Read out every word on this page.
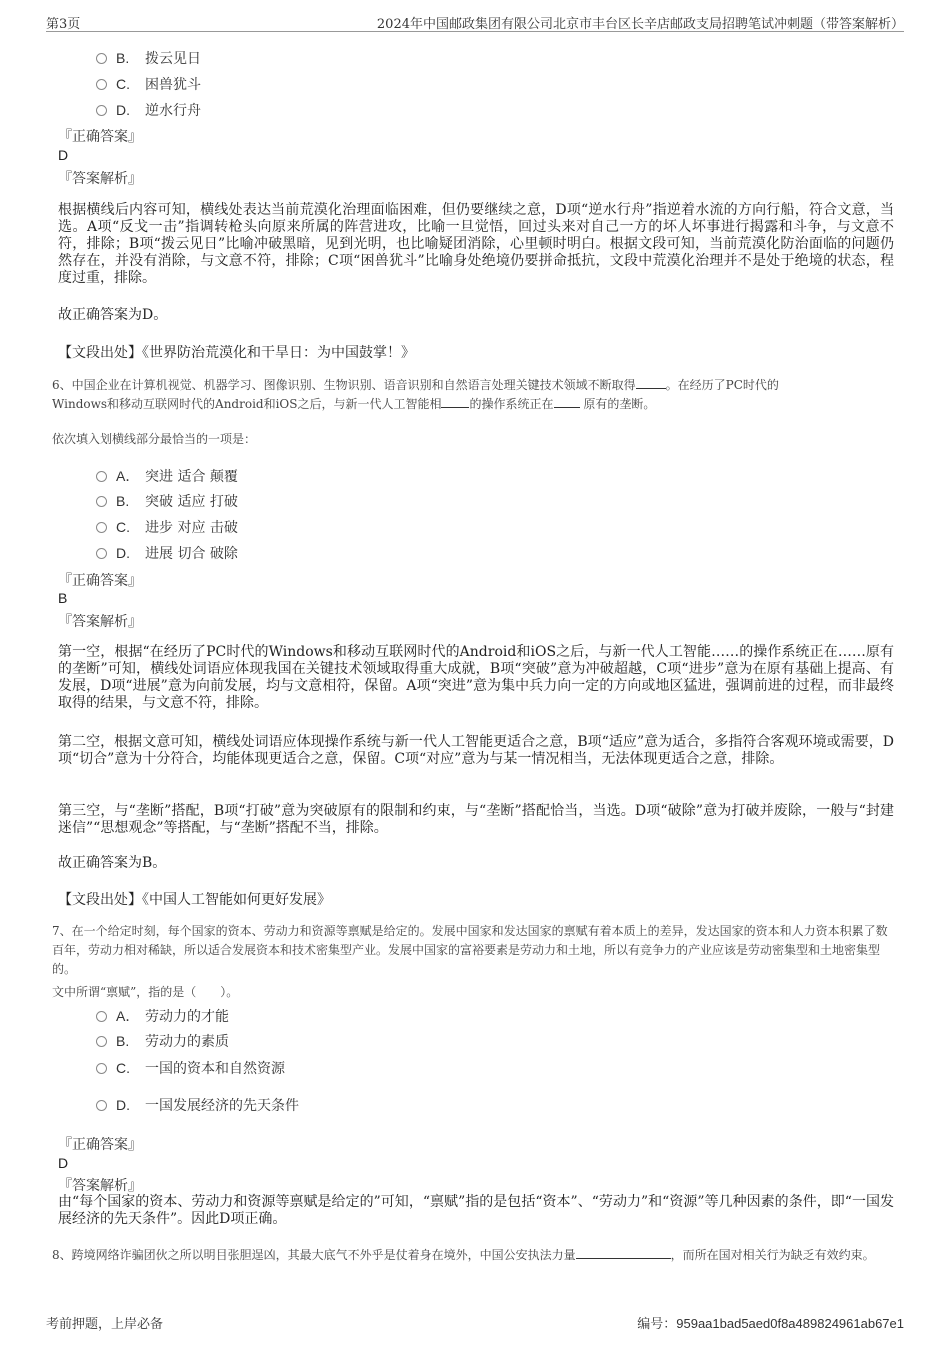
第3页	2024年中国邮政集团有限公司北京市丰台区长辛店邮政支局招聘笔试冲刺题（带答案解析）
B. 拨云见日
C. 困兽犹斗
D. 逆水行舟
『正确答案』
D
『答案解析』
根据横线后内容可知，横线处表达当前荒漠化治理面临困难，但仍要继续之意，D项“逆水行舟”指逆着水流的方向行船，符合文意，当选。A项“反戈一击”指调转枪头向原来所属的阵营进攻，比喻一旦觉悟，回过头来对自己一方的坏人坏事进行揭露和斗争，与文意不符，排除；B项“拨云见日”比喻冲破黑暗，见到光明，也比喻疑团消除，心里顿时明白。根据文段可知，当前荒漠化防治面临的问题仍然存在，并没有消除，与文意不符，排除；C项“困兽犹斗”比喻身处绝境仍要拼命抵抗，文段中荒漠化治理并不是处于绝境的状态，程度过重，排除。
故正确答案为D。
【文段出处】《世界防治荒漠化和干旱日：为中国鼓掌！》
6、中国企业在计算机视觉、机器学习、图像识别、生物识别、语音识别和自然语言处理关键技术领域不断取得	。在经历了PC时代的
Windows和移动互联网时代的Android和iOS之后，与新一代人工智能相 的操作系统正在 原有的垄断。
依次填入划横线部分最恰当的一项是：
A． 突进 适合 颠覆
B. 突破 适应 打破
C. 进步 对应 击破
D. 进展 切合 破除
『正确答案』
B
『答案解析』
第一空，根据“在经历了PC时代的Windows和移动互联网时代的Android和iOS之后，与新一代人工智能……的操作系统正在……原有的垄断”可知，横线处词语应体现我国在关键技术领域取得重大成就，B项“突破”意为冲破超越，C项“进步”意为在原有基础上提高、有发展，D项“进展”意为向前发展，均与文意相符，保留。A项“突进”意为集中兵力向一定的方向或地区猛进，强调前进的过程，而非最终取得的结果，与文意不符，排除。
第二空，根据文意可知，横线处词语应体现操作系统与新一代人工智能更适合之意，B项“适应”意为适合，多指符合客观环境或需要，D项“切合”意为十分符合，均能体现更适合之意，保留。C项“对应”意为与某一情况相当，无法体现更适合之意，排除。
第三空，与“垄断”搭配，B项“打破”意为突破原有的限制和约束，与“垄断”搭配恰当，当选。D项“破除”意为打破并废除，一般与“封建迷信”“思想观念”等搭配，与“垄断”搭配不当，排除。
故正确答案为B。
【文段出处】《中国人工智能如何更好发展》
7、在一个给定时刻，每个国家的资本、劳动力和资源等禀赋是给定的。发展中国家和发达国家的禀赋有着本质上的差异，发达国家的资本和人力资本积累了数百年，劳动力相对稀缺，所以适合发展资本和技术密集型产业。发展中国家的富裕要素是劳动力和土地，所以有竞争力的产业应该是劳动密集型和土地密集型的。
文中所谓“禀赋”，指的是（　　）。
A． 劳动力的才能
B. 劳动力的素质
C. 一国的资本和自然资源
D. 一国发展经济的先天条件
『正确答案』
D
『答案解析』
由“每个国家的资本、劳动力和资源等禀赋是给定的”可知，“禀赋”指的是包括“资本”、“劳动力”和“资源”等几种因素的条件，即“一国发展经济的先天条件”。因此D项正确。
8、跨境网络诈骗团伙之所以明目张胆逞凶，其最大底气不外乎是仗着身在境外，中国公安执法力量	，而所在国对相关行为缺乏有效约束。
考前押题，上岸必备	编号：959aa1bad5aed0f8a489824961ab67e1
